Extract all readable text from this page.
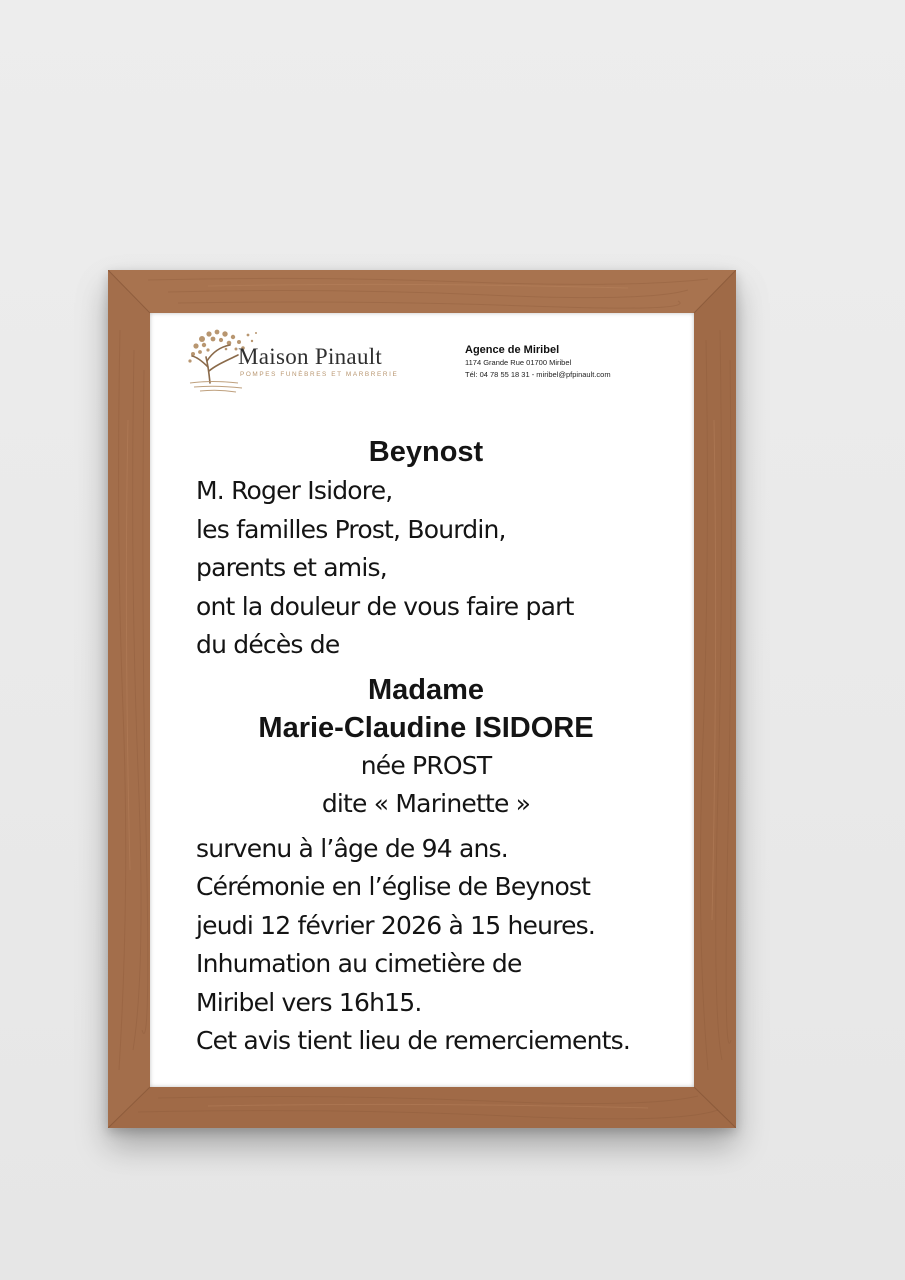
Maison Pinault
POMPES FUNÈBRES ET MARBRERIE
Agence de Miribel
1174 Grande Rue 01700 Miribel
Tél: 04 78 55 18 31 - miribel@pfpinault.com
Beynost
M. Roger Isidore,
les familles Prost, Bourdin,
parents et amis,
ont la douleur de vous faire part
du décès de
Madame
Marie-Claudine ISIDORE
née PROST
dite « Marinette »
survenu à l’âge de 94 ans.
Cérémonie en l’église de Beynost
jeudi 12 février 2026 à 15 heures.
Inhumation au cimetière de
Miribel vers 16h15.
Cet avis tient lieu de remerciements.
